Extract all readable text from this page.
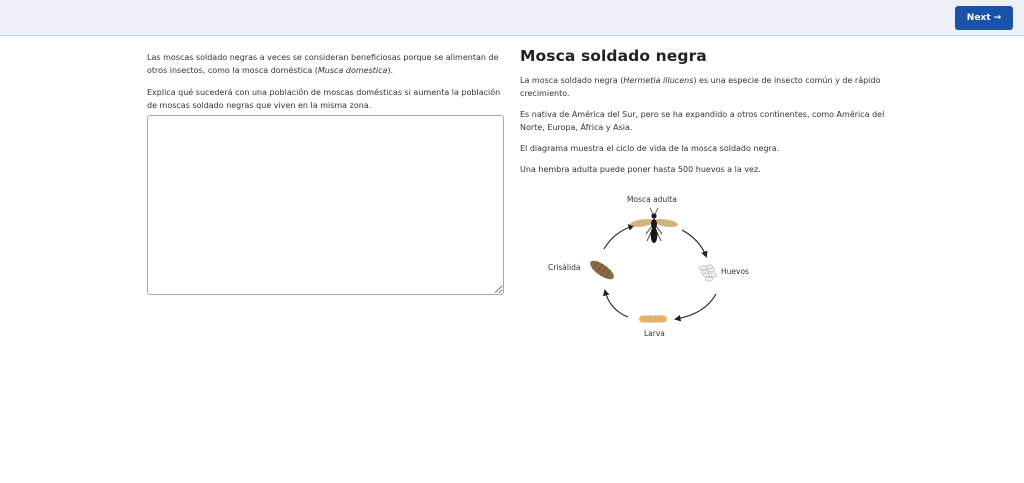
Next →

Las moscas soldado negras a veces se consideran beneficiosas porque se alimentan de otros insectos, como la mosca doméstica (Musca domestica).

Explica qué sucederá con una población de moscas domésticas si aumenta la población de moscas soldado negras que viven en la misma zona.

Mosca soldado negra

La mosca soldado negra (Hermetia illucens) es una especie de insecto común y de rápido crecimiento.

Es nativa de América del Sur, pero se ha expandido a otros continentes, como América del Norte, Europa, África y Asia.

El diagrama muestra el ciclo de vida de la mosca soldado negra.

Una hembra adulta puede poner hasta 500 huevos a la vez.

Mosca adulta
Huevos
Larva
Crisálida
